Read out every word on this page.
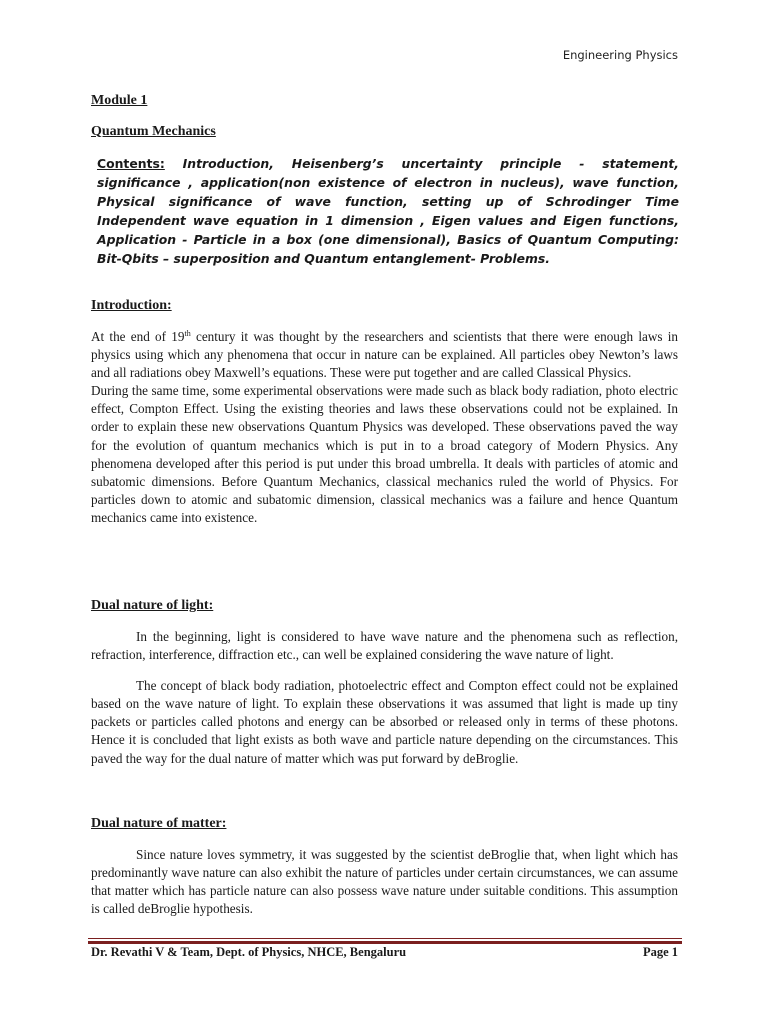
Engineering Physics

Module 1

Quantum Mechanics

Contents: Introduction, Heisenberg’s uncertainty principle - statement, significance , application(non existence of electron in nucleus), wave function, Physical significance of wave function, setting up of Schrodinger Time Independent wave equation in 1 dimension , Eigen values and Eigen functions, Application - Particle in a box (one dimensional), Basics of Quantum Computing: Bit-Qbits – superposition and Quantum entanglement- Problems.

Introduction:

At the end of 19th century it was thought by the researchers and scientists that there were enough laws in physics using which any phenomena that occur in nature can be explained. All particles obey Newton’s laws and all radiations obey Maxwell’s equations. These were put together and are called Classical Physics.

During the same time, some experimental observations were made such as black body radiation, photo electric effect, Compton Effect. Using the existing theories and laws these observations could not be explained. In order to explain these new observations Quantum Physics was developed. These observations paved the way for the evolution of quantum mechanics which is put in to a broad category of Modern Physics. Any phenomena developed after this period is put under this broad umbrella. It deals with particles of atomic and subatomic dimensions. Before Quantum Mechanics, classical mechanics ruled the world of Physics. For particles down to atomic and subatomic dimension, classical mechanics was a failure and hence Quantum mechanics came into existence.

Dual nature of light:

In the beginning, light is considered to have wave nature and the phenomena such as reflection, refraction, interference, diffraction etc., can well be explained considering the wave nature of light.

The concept of black body radiation, photoelectric effect and Compton effect could not be explained based on the wave nature of light. To explain these observations it was assumed that light is made up tiny packets or particles called photons and energy can be absorbed or released only in terms of these photons. Hence it is concluded that light exists as both wave and particle nature depending on the circumstances. This paved the way for the dual nature of matter which was put forward by deBroglie.

Dual nature of matter:

Since nature loves symmetry, it was suggested by the scientist deBroglie that, when light which has predominantly wave nature can also exhibit the nature of particles under certain circumstances, we can assume that matter which has particle nature can also possess wave nature under suitable conditions. This assumption is called deBroglie hypothesis.

Dr. Revathi V & Team, Dept. of Physics, NHCE, Bengaluru	Page 1
